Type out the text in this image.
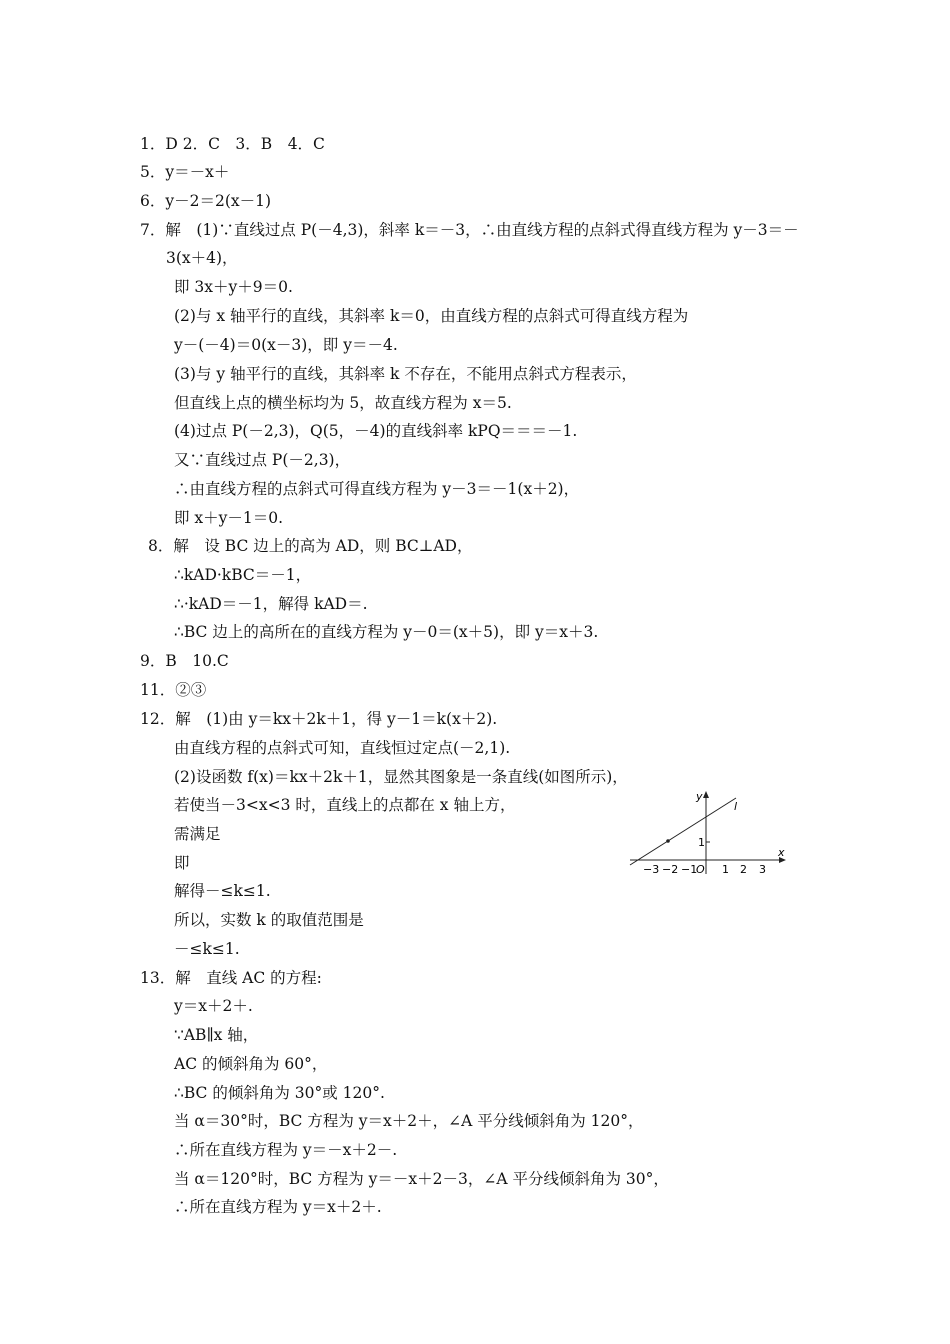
1．D 2．C　3．B　4．C
5．y＝－x＋
6．y－2＝2(x－1)
7．解　(1)∵直线过点 P(－4,3)，斜率 k＝－3，∴由直线方程的点斜式得直线方程为 y－3＝－
3(x＋4)，
即 3x＋y＋9＝0.
(2)与 x 轴平行的直线，其斜率 k＝0，由直线方程的点斜式可得直线方程为
y－(－4)＝0(x－3)，即 y＝－4.
(3)与 y 轴平行的直线，其斜率 k 不存在，不能用点斜式方程表示，
但直线上点的横坐标均为 5，故直线方程为 x＝5.
(4)过点 P(－2,3)，Q(5，－4)的直线斜率 kPQ＝＝＝－1.
又∵直线过点 P(－2,3)，
∴由直线方程的点斜式可得直线方程为 y－3＝－1(x＋2)，
即 x＋y－1＝0.
8．解　设 BC 边上的高为 AD，则 BC⊥AD，
∴kAD·kBC＝－1，
∴·kAD＝－1，解得 kAD＝.
∴BC 边上的高所在的直线方程为 y－0＝(x＋5)，即 y＝x＋3.
9．B　10.C
11．②③
12．解　(1)由 y＝kx＋2k＋1，得 y－1＝k(x＋2).
由直线方程的点斜式可知，直线恒过定点(－2,1).
(2)设函数 f(x)＝kx＋2k＋1，显然其图象是一条直线(如图所示)，
若使当－3<x<3 时，直线上的点都在 x 轴上方，
需满足
即
解得－≤k≤1.
所以，实数 k 的取值范围是
－≤k≤1.
13．解　直线 AC 的方程:
y＝x＋2＋.
∵AB∥x 轴，
AC 的倾斜角为 60°，
∴BC 的倾斜角为 30°或 120°.
当 α＝30°时，BC 方程为 y＝x＋2＋，∠A 平分线倾斜角为 120°，
∴所在直线方程为 y＝－x＋2－.
当 α＝120°时，BC 方程为 y＝－x＋2－3，∠A 平分线倾斜角为 30°，
∴所在直线方程为 y＝x＋2＋.
y
x
l
O
1
−3 −2 −1 1 2 3
